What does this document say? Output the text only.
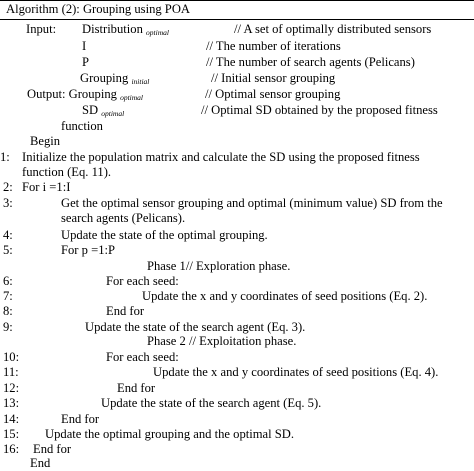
Algorithm (2): Grouping using POA
Input: Distribution $_{optimal}$	// A set of optimally distributed sensors
I	// The number of iterations
P	// The number of search agents (Pelicans)
Grouping $_{initial}$	// Initial sensor grouping
Output: Grouping $_{optimal}$	// Optimal sensor grouping
SD $_{optimal}$	// Optimal SD obtained by the proposed fitness
function
Begin
1: Initialize the population matrix and calculate the SD using the proposed fitness
function (Eq. 11).
2: For i =1:I
3:	Get the optimal sensor grouping and optimal (minimum value) SD from the
search agents (Pelicans).
4:	Update the state of the optimal grouping.
5:	For p =1:P
Phase 1// Exploration phase.
6:	For each seed:
7:	Update the x and y coordinates of seed positions (Eq. 2).
8:	End for
9:	Update the state of the search agent (Eq. 3).
Phase 2 // Exploitation phase.
10:	For each seed:
11:	Update the x and y coordinates of seed positions (Eq. 4).
12:	End for
13:	Update the state of the search agent (Eq. 5).
14:	End for
15: Update the optimal grouping and the optimal SD.
16: End for
End
